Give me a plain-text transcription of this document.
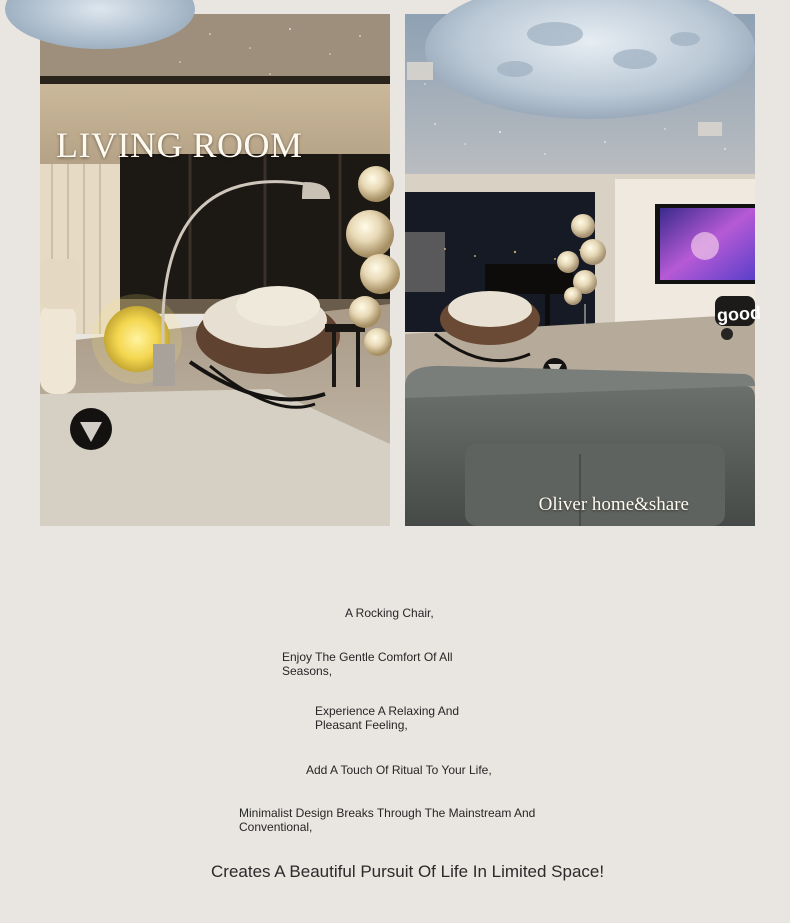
LIVING ROOM
good
Oliver home&share
A Rocking Chair,
Enjoy The Gentle Comfort Of All Seasons,
Experience A Relaxing And Pleasant Feeling,
Add A Touch Of Ritual To Your Life,
Minimalist Design Breaks Through The Mainstream And Conventional,
Creates A Beautiful Pursuit Of Life In Limited Space!
